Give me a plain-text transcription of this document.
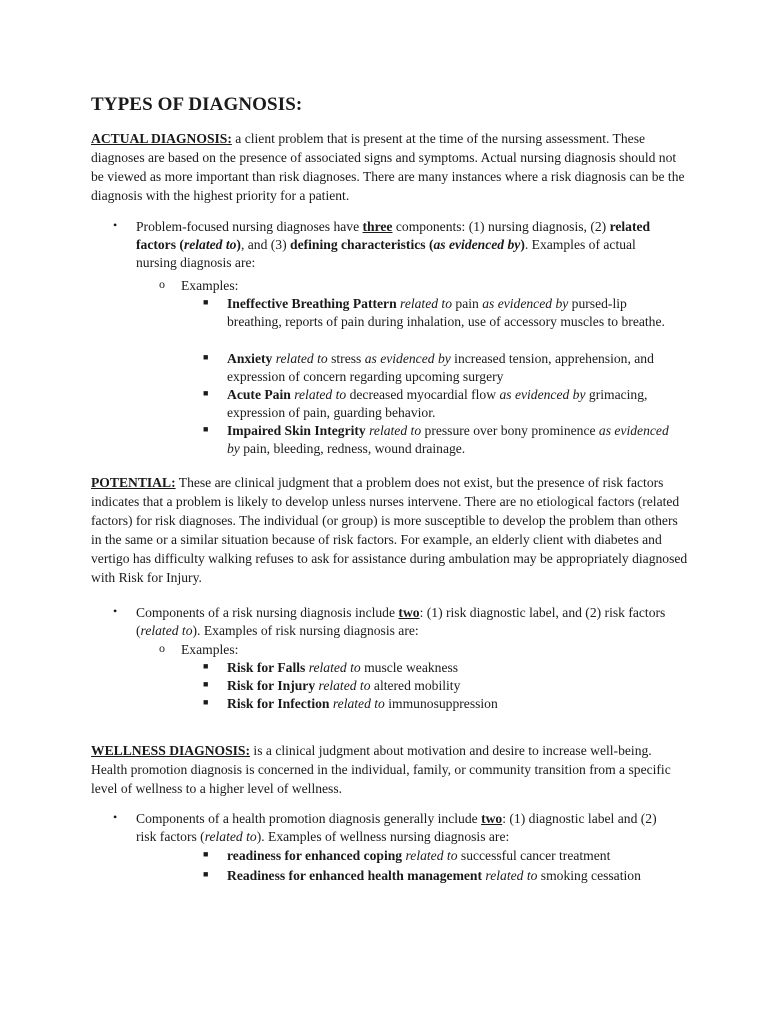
TYPES OF DIAGNOSIS:

ACTUAL DIAGNOSIS: a client problem that is present at the time of the nursing assessment. These diagnoses are based on the presence of associated signs and symptoms. Actual nursing diagnosis should not be viewed as more important than risk diagnoses. There are many instances where a risk diagnosis can be the diagnosis with the highest priority for a patient.

• Problem-focused nursing diagnoses have three components: (1) nursing diagnosis, (2) related factors (related to), and (3) defining characteristics (as evidenced by). Examples of actual nursing diagnosis are:

o Examples:

■ Ineffective Breathing Pattern related to pain as evidenced by pursed-lip breathing, reports of pain during inhalation, use of accessory muscles to breathe.

■ Anxiety related to stress as evidenced by increased tension, apprehension, and expression of concern regarding upcoming surgery

■ Acute Pain related to decreased myocardial flow as evidenced by grimacing, expression of pain, guarding behavior.

■ Impaired Skin Integrity related to pressure over bony prominence as evidenced by pain, bleeding, redness, wound drainage.

POTENTIAL: These are clinical judgment that a problem does not exist, but the presence of risk factors indicates that a problem is likely to develop unless nurses intervene. There are no etiological factors (related factors) for risk diagnoses. The individual (or group) is more susceptible to develop the problem than others in the same or a similar situation because of risk factors. For example, an elderly client with diabetes and vertigo has difficulty walking refuses to ask for assistance during ambulation may be appropriately diagnosed with Risk for Injury.

• Components of a risk nursing diagnosis include two: (1) risk diagnostic label, and (2) risk factors (related to). Examples of risk nursing diagnosis are:

o Examples:

■ Risk for Falls related to muscle weakness

■ Risk for Injury related to altered mobility

■ Risk for Infection related to immunosuppression

WELLNESS DIAGNOSIS: is a clinical judgment about motivation and desire to increase well-being. Health promotion diagnosis is concerned in the individual, family, or community transition from a specific level of wellness to a higher level of wellness.

• Components of a health promotion diagnosis generally include two: (1) diagnostic label and (2) risk factors (related to). Examples of wellness nursing diagnosis are:

■ readiness for enhanced coping related to successful cancer treatment

■ Readiness for enhanced health management related to smoking cessation
